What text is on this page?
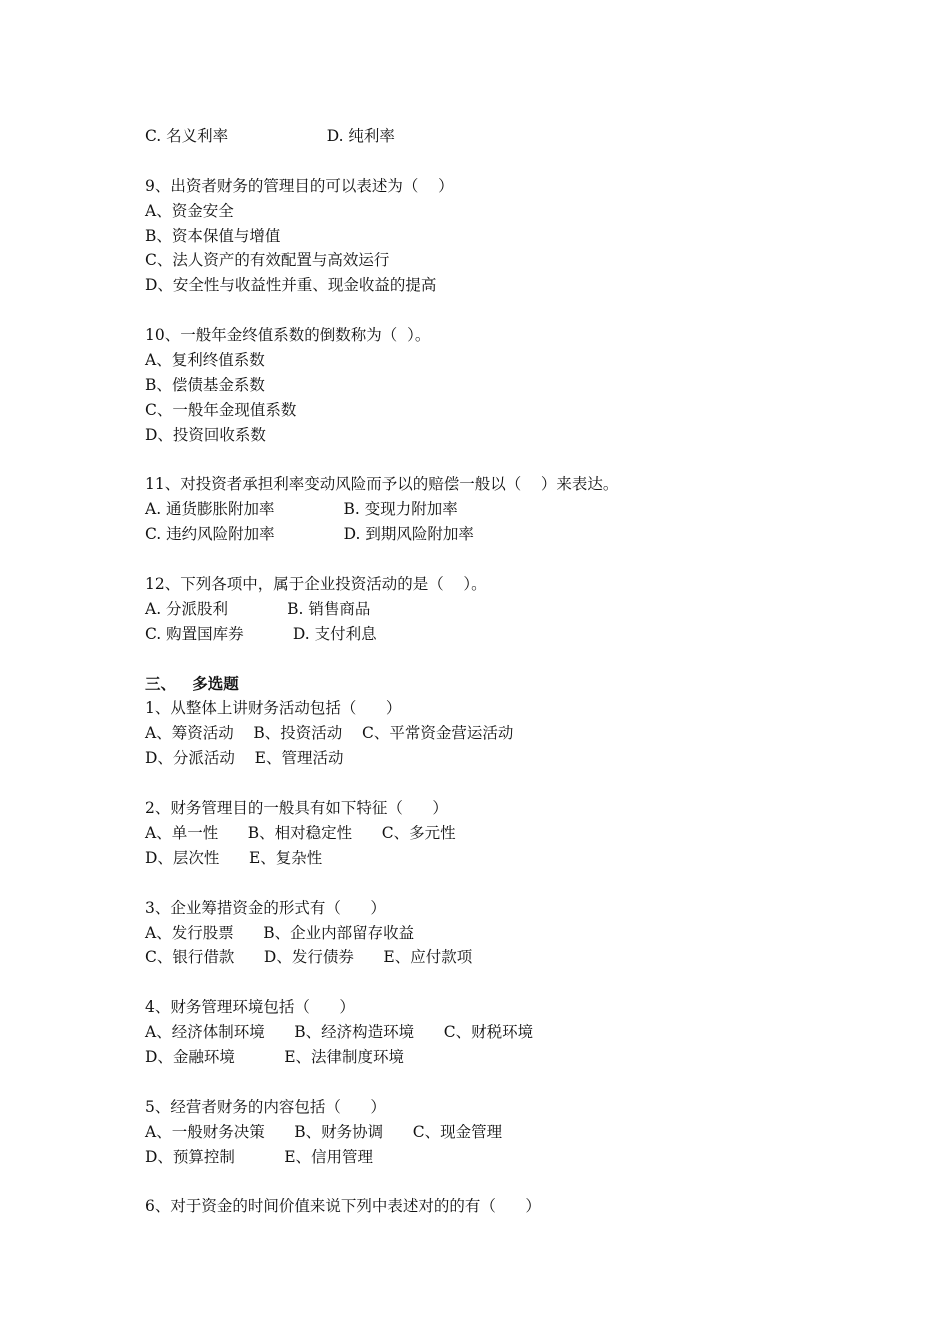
C. 名义利率                    D. 纯利率
9、出资者财务的管理目的可以表述为（    ）
A、资金安全
B、资本保值与增值
C、法人资产的有效配置与高效运行
D、安全性与收益性并重、现金收益的提高
10、一般年金终值系数的倒数称为（  ）。
A、复利终值系数
B、偿债基金系数
C、一般年金现值系数
D、投资回收系数
11、对投资者承担利率变动风险而予以的赔偿一般以（    ）来表达。
A. 通货膨胀附加率              B. 变现力附加率
C. 违约风险附加率              D. 到期风险附加率
12、下列各项中，属于企业投资活动的是（    ）。
A. 分派股利            B. 销售商品
C. 购置国库券          D. 支付利息
三、   多选题
1、从整体上讲财务活动包括（      ）
A、筹资活动    B、投资活动    C、平常资金营运活动
D、分派活动    E、管理活动
2、财务管理目的一般具有如下特征（      ）
A、单一性      B、相对稳定性      C、多元性
D、层次性      E、复杂性
3、企业筹措资金的形式有（      ）
A、发行股票      B、企业内部留存收益
C、银行借款      D、发行债券      E、应付款项
4、财务管理环境包括（      ）
A、经济体制环境      B、经济构造环境      C、财税环境
D、金融环境          E、法律制度环境
5、经营者财务的内容包括（      ）
A、一般财务决策      B、财务协调      C、现金管理
D、预算控制          E、信用管理
6、对于资金的时间价值来说下列中表述对的的有（      ）
